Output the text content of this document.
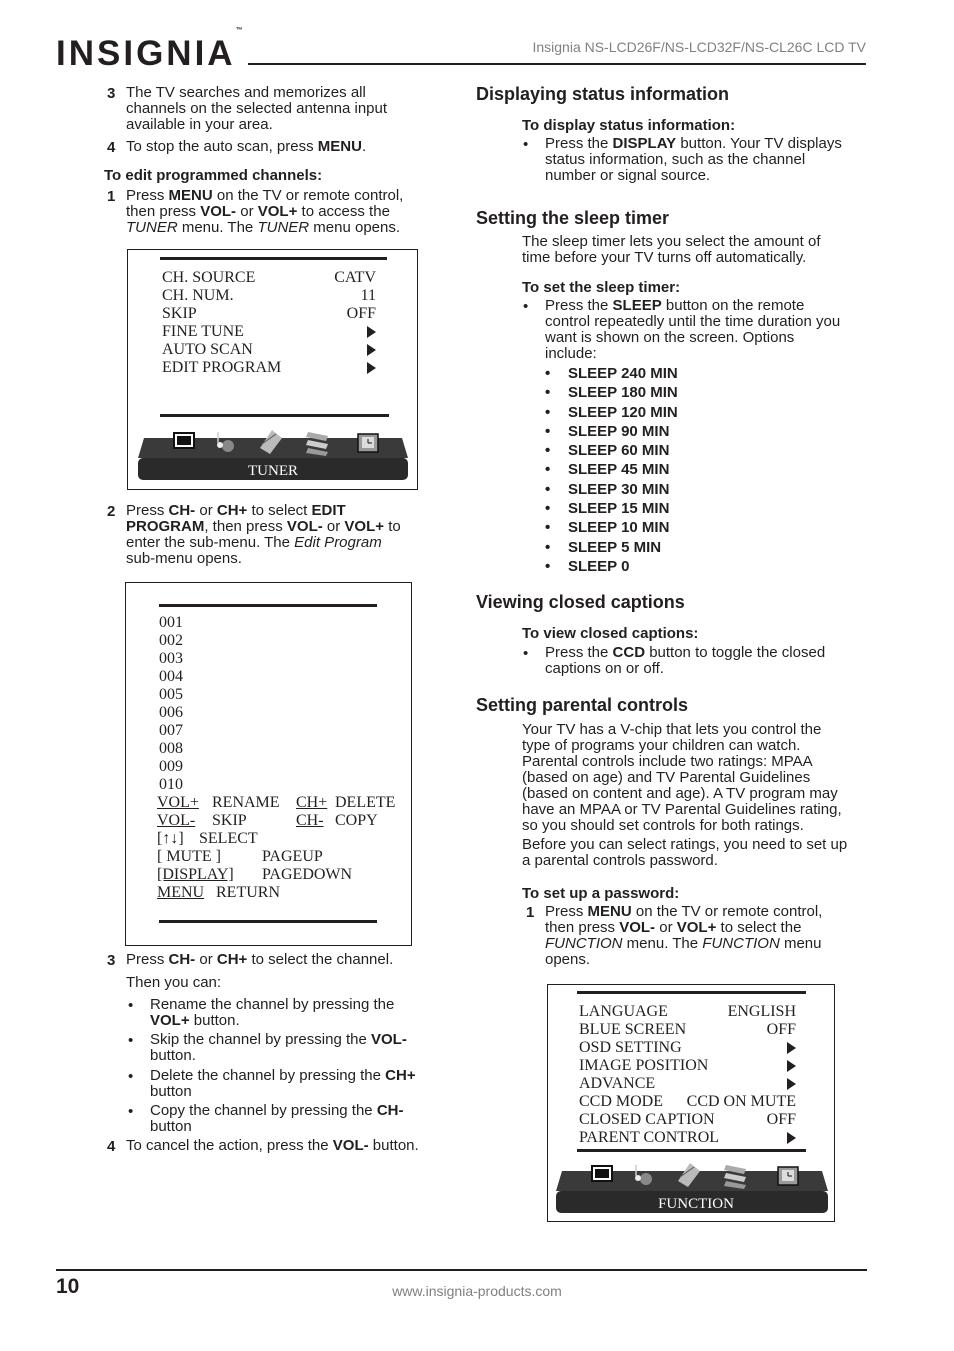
INSIGNIA™
Insignia NS-LCD26F/NS-LCD32F/NS-CL26C LCD TV
3 The TV searches and memorizes all
channels on the selected antenna input
available in your area.
4 To stop the auto scan, press MENU.
To edit programmed channels:
1 Press MENU on the TV or remote control,
then press VOL- or VOL+ to access the
TUNER menu. The TUNER menu opens.
CH. SOURCE	CATV
CH. NUM.	11
SKIP	OFF
FINE TUNE
AUTO SCAN
EDIT PROGRAM
TUNER
2 Press CH- or CH+ to select EDIT
PROGRAM, then press VOL- or VOL+ to
enter the sub-menu. The Edit Program
sub-menu opens.
001
002
003
004
005
006
007
008
009
010
VOL+ RENAME CH+ DELETE
VOL- SKIP	CH- COPY
[↑↓] SELECT
[ MUTE ]	PAGEUP
[DISPLAY] PAGEDOWN
MENU RETURN
3 Press CH- or CH+ to select the channel.
Then you can:
• Rename the channel by pressing the
VOL+ button.
• Skip the channel by pressing the VOL-
button.
• Delete the channel by pressing the CH+
button
• Copy the channel by pressing the CH-
button
4 To cancel the action, press the VOL- button.
Displaying status information
To display status information:
• Press the DISPLAY button. Your TV displays
status information, such as the channel
number or signal source.
Setting the sleep timer
The sleep timer lets you select the amount of
time before your TV turns off automatically.
To set the sleep timer:
• Press the SLEEP button on the remote
control repeatedly until the time duration you
want is shown on the screen. Options
include:
• SLEEP 240 MIN
• SLEEP 180 MIN
• SLEEP 120 MIN
• SLEEP 90 MIN
• SLEEP 60 MIN
• SLEEP 45 MIN
• SLEEP 30 MIN
• SLEEP 15 MIN
• SLEEP 10 MIN
• SLEEP 5 MIN
• SLEEP 0
Viewing closed captions
To view closed captions:
• Press the CCD button to toggle the closed
captions on or off.
Setting parental controls
Your TV has a V-chip that lets you control the
type of programs your children can watch.
Parental controls include two ratings: MPAA
(based on age) and TV Parental Guidelines
(based on content and age). A TV program may
have an MPAA or TV Parental Guidelines rating,
so you should set controls for both ratings.
Before you can select ratings, you need to set up
a parental controls password.
To set up a password:
1 Press MENU on the TV or remote control,
then press VOL- or VOL+ to select the
FUNCTION menu. The FUNCTION menu
opens.
LANGUAGE	ENGLISH
BLUE SCREEN	OFF
OSD SETTING
IMAGE POSITION
ADVANCE
CCD MODE CCD ON MUTE
CLOSED CAPTION	OFF
PARENT CONTROL
FUNCTION
10	www.insignia-products.com
